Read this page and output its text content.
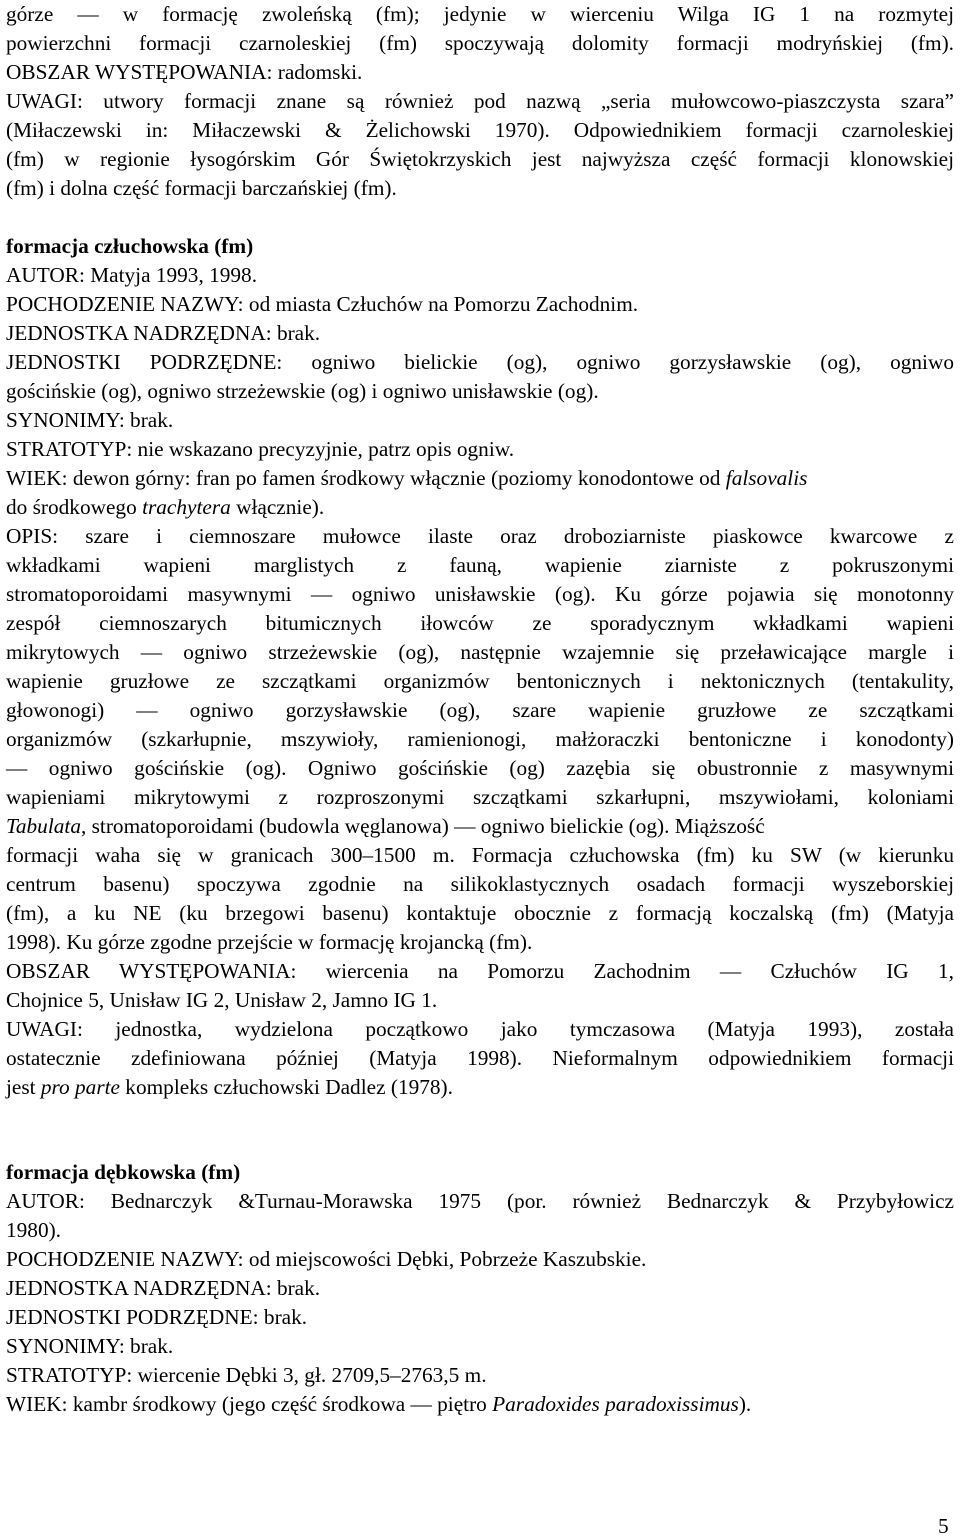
górze — w formację zwoleńską (fm); jedynie w wierceniu Wilga IG 1 na rozmytej
powierzchni formacji czarnoleskiej (fm) spoczywają dolomity formacji modryńskiej (fm).
OBSZAR WYSTĘPOWANIA: radomski.
UWAGI: utwory formacji znane są również pod nazwą „seria mułowcowo-piaszczysta szara”
(Miłaczewski in: Miłaczewski & Żelichowski 1970). Odpowiednikiem formacji czarnoleskiej
(fm) w regionie łysogórskim Gór Świętokrzyskich jest najwyższa część formacji klonowskiej
(fm) i dolna część formacji barczańskiej (fm).
formacja człuchowska (fm)
AUTOR: Matyja 1993, 1998.
POCHODZENIE NAZWY: od miasta Człuchów na Pomorzu Zachodnim.
JEDNOSTKA NADRZĘDNA: brak.
JEDNOSTKI PODRZĘDNE: ogniwo bielickie (og), ogniwo gorzysławskie (og), ogniwo
gościńskie (og), ogniwo strzeżewskie (og) i ogniwo unisławskie (og).
SYNONIMY: brak.
STRATOTYP: nie wskazano precyzyjnie, patrz opis ogniw.
WIEK: dewon górny: fran po famen środkowy włącznie (poziomy konodontowe od falsovalis
do środkowego trachytera włącznie).
OPIS: szare i ciemnoszare mułowce ilaste oraz droboziarniste piaskowce kwarcowe z
wkładkami wapieni marglistych z fauną, wapienie ziarniste z pokruszonymi
stromatoporoidami masywnymi — ogniwo unisławskie (og). Ku górze pojawia się monotonny
zespół ciemnoszarych bitumicznych iłowców ze sporadycznym wkładkami wapieni
mikrytowych — ogniwo strzeżewskie (og), następnie wzajemnie się przeławicające margle i
wapienie gruzłowe ze szczątkami organizmów bentonicznych i nektonicznych (tentakulity,
głowonogi) — ogniwo gorzysławskie (og), szare wapienie gruzłowe ze szczątkami
organizmów (szkarłupnie, mszywioły, ramienionogi, małżoraczki bentoniczne i konodonty)
— ogniwo gościńskie (og). Ogniwo gościńskie (og) zazębia się obustronnie z masywnymi
wapieniami mikrytowymi z rozproszonymi szczątkami szkarłupni, mszywiołami, koloniami
Tabulata, stromatoporoidami (budowla węglanowa) — ogniwo bielickie (og). Miąższość
formacji waha się w granicach 300–1500 m. Formacja człuchowska (fm) ku SW (w kierunku
centrum basenu) spoczywa zgodnie na silikoklastycznych osadach formacji wyszeborskiej
(fm), a ku NE (ku brzegowi basenu) kontaktuje obocznie z formacją koczalską (fm) (Matyja
1998). Ku górze zgodne przejście w formację krojancką (fm).
OBSZAR WYSTĘPOWANIA: wiercenia na Pomorzu Zachodnim — Człuchów IG 1,
Chojnice 5, Unisław IG 2, Unisław 2, Jamno IG 1.
UWAGI: jednostka, wydzielona początkowo jako tymczasowa (Matyja 1993), została
ostatecznie zdefiniowana później (Matyja 1998). Nieformalnym odpowiednikiem formacji
jest pro parte kompleks człuchowski Dadlez (1978).
formacja dębkowska (fm)
AUTOR: Bednarczyk &Turnau-Morawska 1975 (por. również Bednarczyk & Przybyłowicz
1980).
POCHODZENIE NAZWY: od miejscowości Dębki, Pobrzeże Kaszubskie.
JEDNOSTKA NADRZĘDNA: brak.
JEDNOSTKI PODRZĘDNE: brak.
SYNONIMY: brak.
STRATOTYP: wiercenie Dębki 3, gł. 2709,5–2763,5 m.
WIEK: kambr środkowy (jego część środkowa — piętro Paradoxides paradoxissimus).
5
